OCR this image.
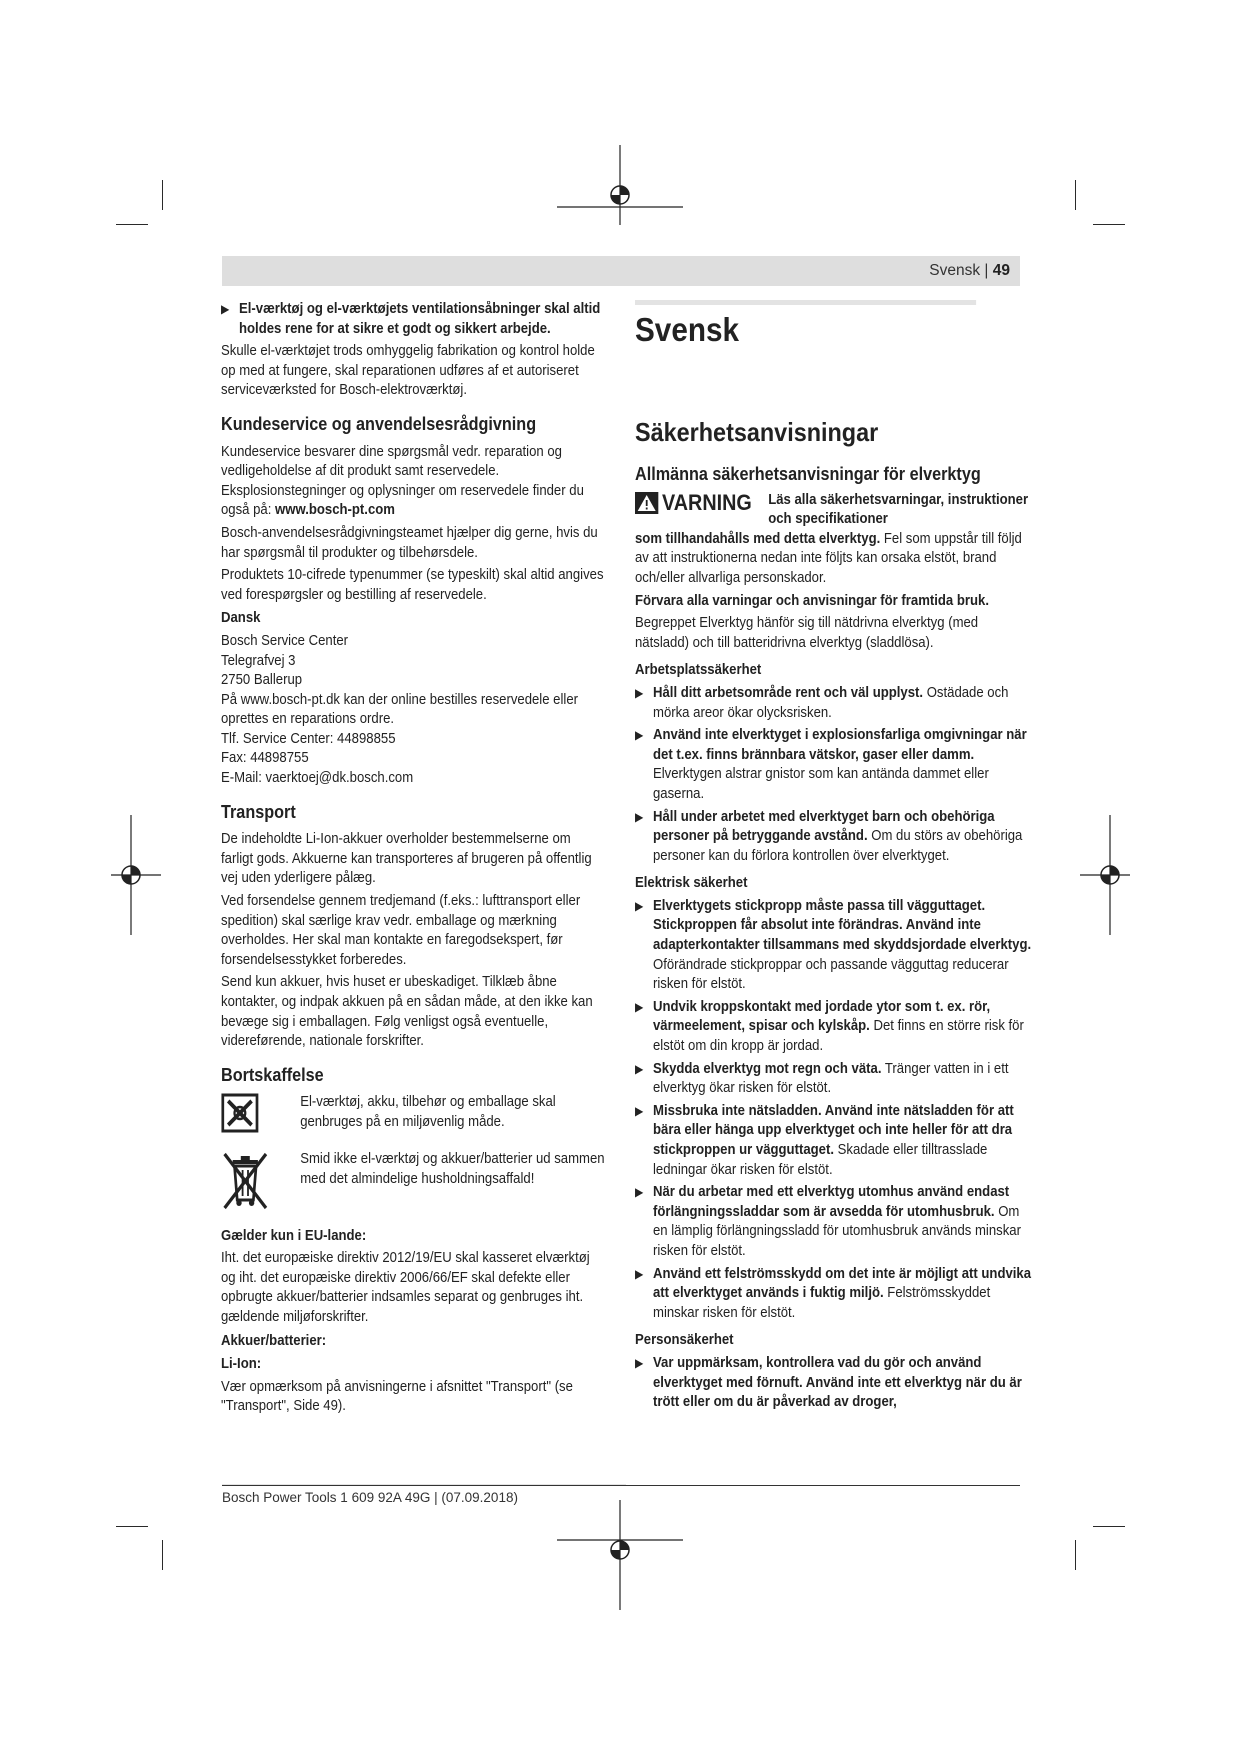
Svensk | 49
▶ El-værktøj og el-værktøjets ventilationsåbninger skal altid holdes rene for at sikre et godt og sikkert arbejde.

Skulle el-værktøjet trods omhyggelig fabrikation og kontrol holde op med at fungere, skal reparationen udføres af et autoriseret serviceværksted for Bosch-elektroværktøj.

Kundeservice og anvendelsesrådgivning

Kundeservice besvarer dine spørgsmål vedr. reparation og vedligeholdelse af dit produkt samt reservedele. Eksplosionstegninger og oplysninger om reservedele finder du også på: www.bosch-pt.com

Bosch-anvendelsesrådgivningsteamet hjælper dig gerne, hvis du har spørgsmål til produkter og tilbehørsdele.

Produktets 10-cifrede typenummer (se typeskilt) skal altid angives ved forespørgsler og bestilling af reservedele.

Dansk
Bosch Service Center
Telegrafvej 3
2750 Ballerup
På www.bosch-pt.dk kan der online bestilles reservedele eller oprettes en reparations ordre.
Tlf. Service Center: 44898855
Fax: 44898755
E-Mail: vaerktoej@dk.bosch.com
Transport

De indeholdte Li-Ion-akkuer overholder bestemmelserne om farligt gods. Akkuerne kan transporteres af brugeren på offentlig vej uden yderligere pålæg.

Ved forsendelse gennem tredjemand (f.eks.: lufttransport eller spedition) skal særlige krav vedr. emballage og mærkning overholdes. Her skal man kontakte en faregodsekspert, før forsendelsesstykket forberedes.

Send kun akkuer, hvis huset er ubeskadiget. Tilklæb åbne kontakter, og indpak akkuen på en sådan måde, at den ikke kan bevæge sig i emballagen. Følg venligst også eventuelle, videreførende, nationale forskrifter.

Bortskaffelse
El-værktøj, akku, tilbehør og emballage skal genbruges på en miljøvenlig måde.
Smid ikke el-værktøj og akkuer/batterier ud sammen med det almindelige husholdningsaffald!
Gælder kun i EU-lande:

Iht. det europæiske direktiv 2012/19/EU skal kasseret elværktøj og iht. det europæiske direktiv 2006/66/EF skal defekte eller opbrugte akkuer/batterier indsamles separat og genbruges iht. gældende miljøforskrifter.

Akkuer/batterier:
Li-Ion:

Vær opmærksom på anvisningerne i afsnittet "Transport" (se "Transport", Side 49).

Svensk
Säkerhetsanvisningar
Allmänna säkerhetsanvisningar för elverktyg
VARNING Läs alla säkerhetsvarningar, instruktioner och specifikationer

som tillhandahålls med detta elverktyg. Fel som uppstår till följd av att instruktionerna nedan inte följts kan orsaka elstöt, brand och/eller allvarliga personskador.

Förvara alla varningar och anvisningar för framtida bruk.

Begreppet Elverktyg hänför sig till nätdrivna elverktyg (med nätsladd) och till batteridrivna elverktyg (sladdlösa).

Arbetsplatssäkerhet
▶ Håll ditt arbetsområde rent och väl upplyst. Ostädade och mörka areor ökar olycksrisken.
▶ Använd inte elverktyget i explosionsfarliga omgivningar när det t.ex. finns brännbara vätskor, gaser eller damm. Elverktygen alstrar gnistor som kan antända dammet eller gaserna.
▶ Håll under arbetet med elverktyget barn och obehöriga personer på betryggande avstånd. Om du störs av obehöriga personer kan du förlora kontrollen över elverktyget.
Elektrisk säkerhet
▶ Elverktygets stickpropp måste passa till vägguttaget. Stickproppen får absolut inte förändras. Använd inte adapterkontakter tillsammans med skyddsjordade elverktyg. Oförändrade stickproppar och passande vägguttag reducerar risken för elstöt.
▶ Undvik kroppskontakt med jordade ytor som t. ex. rör, värmeelement, spisar och kylskåp. Det finns en större risk för elstöt om din kropp är jordad.
▶ Skydda elverktyg mot regn och väta. Tränger vatten in i ett elverktyg ökar risken för elstöt.
▶ Missbruka inte nätsladden. Använd inte nätsladden för att bära eller hänga upp elverktyget och inte heller för att dra stickproppen ur vägguttaget. Skadade eller tilltrasslade ledningar ökar risken för elstöt.
▶ När du arbetar med ett elverktyg utomhus använd endast förlängningssladdar som är avsedda för utomhusbruk. Om en lämplig förlängningssladd för utomhusbruk används minskar risken för elstöt.
▶ Använd ett felströmsskydd om det inte är möjligt att undvika att elverktyget används i fuktig miljö. Felströmsskyddet minskar risken för elstöt.
Personsäkerhet
▶ Var uppmärksam, kontrollera vad du gör och använd elverktyget med förnuft. Använd inte ett elverktyg när du är trött eller om du är påverkad av droger,
Bosch Power Tools 1 609 92A 49G | (07.09.2018)
